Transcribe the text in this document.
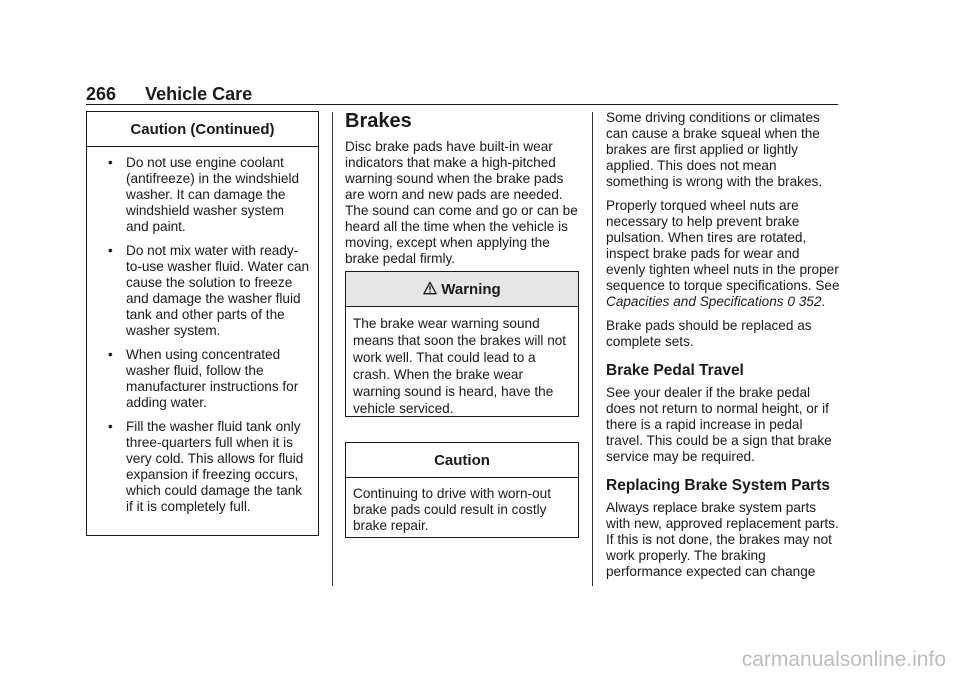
266 Vehicle Care
Caution (Continued)
• Do not use engine coolant (antifreeze) in the windshield washer. It can damage the windshield washer system and paint.
• Do not mix water with ready-to-use washer fluid. Water can cause the solution to freeze and damage the washer fluid tank and other parts of the washer system.
• When using concentrated washer fluid, follow the manufacturer instructions for adding water.
• Fill the washer fluid tank only three-quarters full when it is very cold. This allows for fluid expansion if freezing occurs, which could damage the tank if it is completely full.
Brakes

Disc brake pads have built-in wear indicators that make a high-pitched warning sound when the brake pads are worn and new pads are needed. The sound can come and go or can be heard all the time when the vehicle is moving, except when applying the brake pedal firmly.

Warning
The brake wear warning sound means that soon the brakes will not work well. That could lead to a crash. When the brake wear warning sound is heard, have the vehicle serviced.
Caution
Continuing to drive with worn-out brake pads could result in costly brake repair.

Some driving conditions or climates can cause a brake squeal when the brakes are first applied or lightly applied. This does not mean something is wrong with the brakes.

Properly torqued wheel nuts are necessary to help prevent brake pulsation. When tires are rotated, inspect brake pads for wear and evenly tighten wheel nuts in the proper sequence to torque specifications. See Capacities and Specifications 0 352.

Brake pads should be replaced as complete sets.

Brake Pedal Travel

See your dealer if the brake pedal does not return to normal height, or if there is a rapid increase in pedal travel. This could be a sign that brake service may be required.

Replacing Brake System Parts

Always replace brake system parts with new, approved replacement parts. If this is not done, the brakes may not work properly. The braking performance expected can change

carmanualsonline.info
